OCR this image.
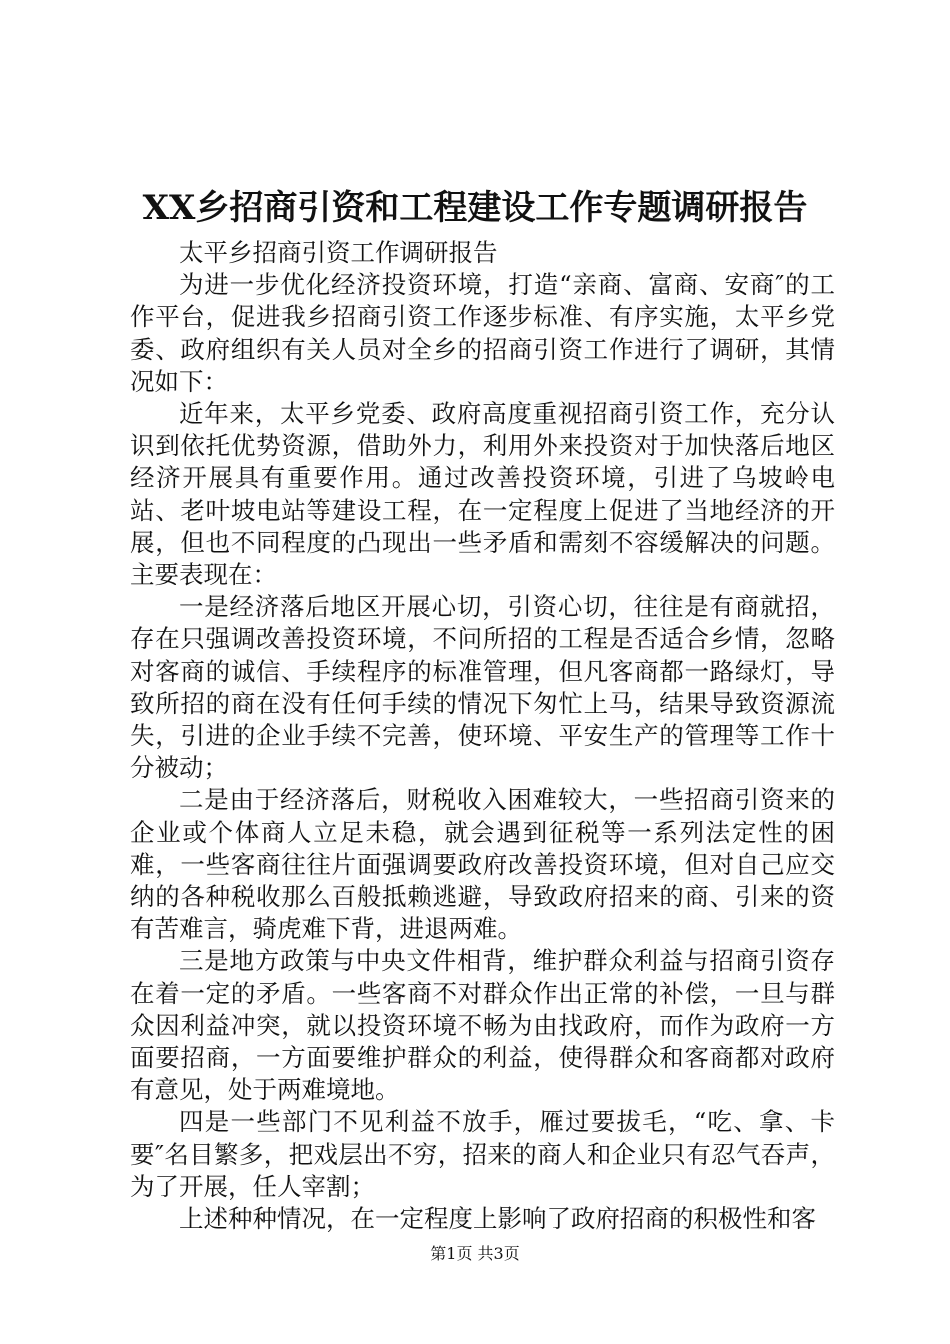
XX乡招商引资和工程建设工作专题调研报告

太平乡招商引资工作调研报告

为进一步优化经济投资环境，打造“亲商、富商、安商″的工作平台，促进我乡招商引资工作逐步标准、有序实施，太平乡党委、政府组织有关人员对全乡的招商引资工作进行了调研，其情况如下：

近年来，太平乡党委、政府高度重视招商引资工作，充分认识到依托优势资源，借助外力，利用外来投资对于加快落后地区经济开展具有重要作用。通过改善投资环境，引进了乌坡岭电站、老叶坡电站等建设工程，在一定程度上促进了当地经济的开展，但也不同程度的凸现出一些矛盾和需刻不容缓解决的问题。主要表现在：

一是经济落后地区开展心切，引资心切，往往是有商就招，存在只强调改善投资环境，不问所招的工程是否适合乡情，忽略对客商的诚信、手续程序的标准管理，但凡客商都一路绿灯，导致所招的商在没有任何手续的情况下匆忙上马，结果导致资源流失，引进的企业手续不完善，使环境、平安生产的管理等工作十分被动；

二是由于经济落后，财税收入困难较大，一些招商引资来的企业或个体商人立足未稳，就会遇到征税等一系列法定性的困难，一些客商往往片面强调要政府改善投资环境，但对自己应交纳的各种税收那么百般抵赖逃避，导致政府招来的商、引来的资有苦难言，骑虎难下背，进退两难。

三是地方政策与中央文件相背，维护群众利益与招商引资存在着一定的矛盾。一些客商不对群众作出正常的补偿，一旦与群众因利益冲突，就以投资环境不畅为由找政府，而作为政府一方面要招商，一方面要维护群众的利益，使得群众和客商都对政府有意见，处于两难境地。

四是一些部门不见利益不放手，雁过要拔毛，“吃、拿、卡要″名目繁多，把戏层出不穷，招来的商人和企业只有忍气吞声，为了开展，任人宰割；

上述种种情况，在一定程度上影响了政府招商的积极性和客

第1页 共3页
